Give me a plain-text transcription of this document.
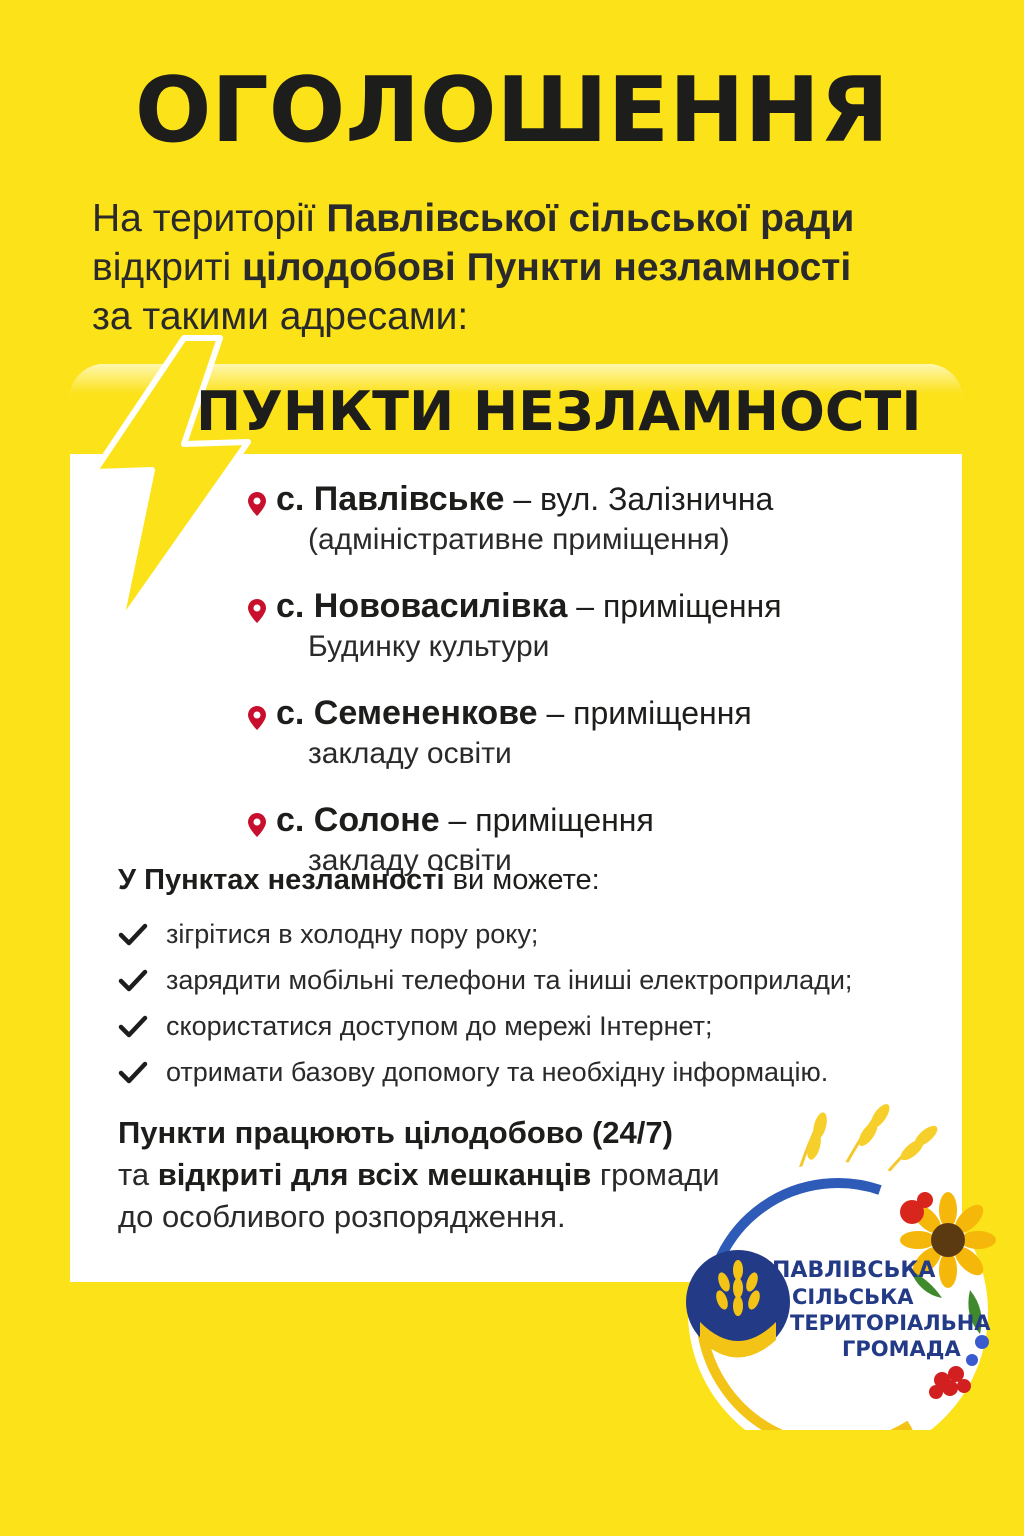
ОГОЛОШЕННЯ
На території Павлівської сільської ради
відкриті цілодобові Пункти незламності
за такими адресами:
ПУНКТИ НЕЗЛАМНОСТІ
с. Павлівське – вул. Залізнична
(адміністративне приміщення)
с. Нововасилівка – приміщення
Будинку культури
с. Семененкове – приміщення
закладу освіти
с. Солоне – приміщення
закладу освіти
У Пунктах незламності ви можете:
зігрітися в холодну пору року;
зарядити мобільні телефони та іниші електроприлади;
скористатися доступом до мережі Інтернет;
отримати базову допомогу та необхідну інформацію.
Пункти працюють цілодобово (24/7)
та відкриті для всіх мешканців громади
до особливого розпорядження.
ПАВЛІВСЬКА
СІЛЬСЬКА
ТЕРИТОРІАЛЬНА
ГРОМАДА
